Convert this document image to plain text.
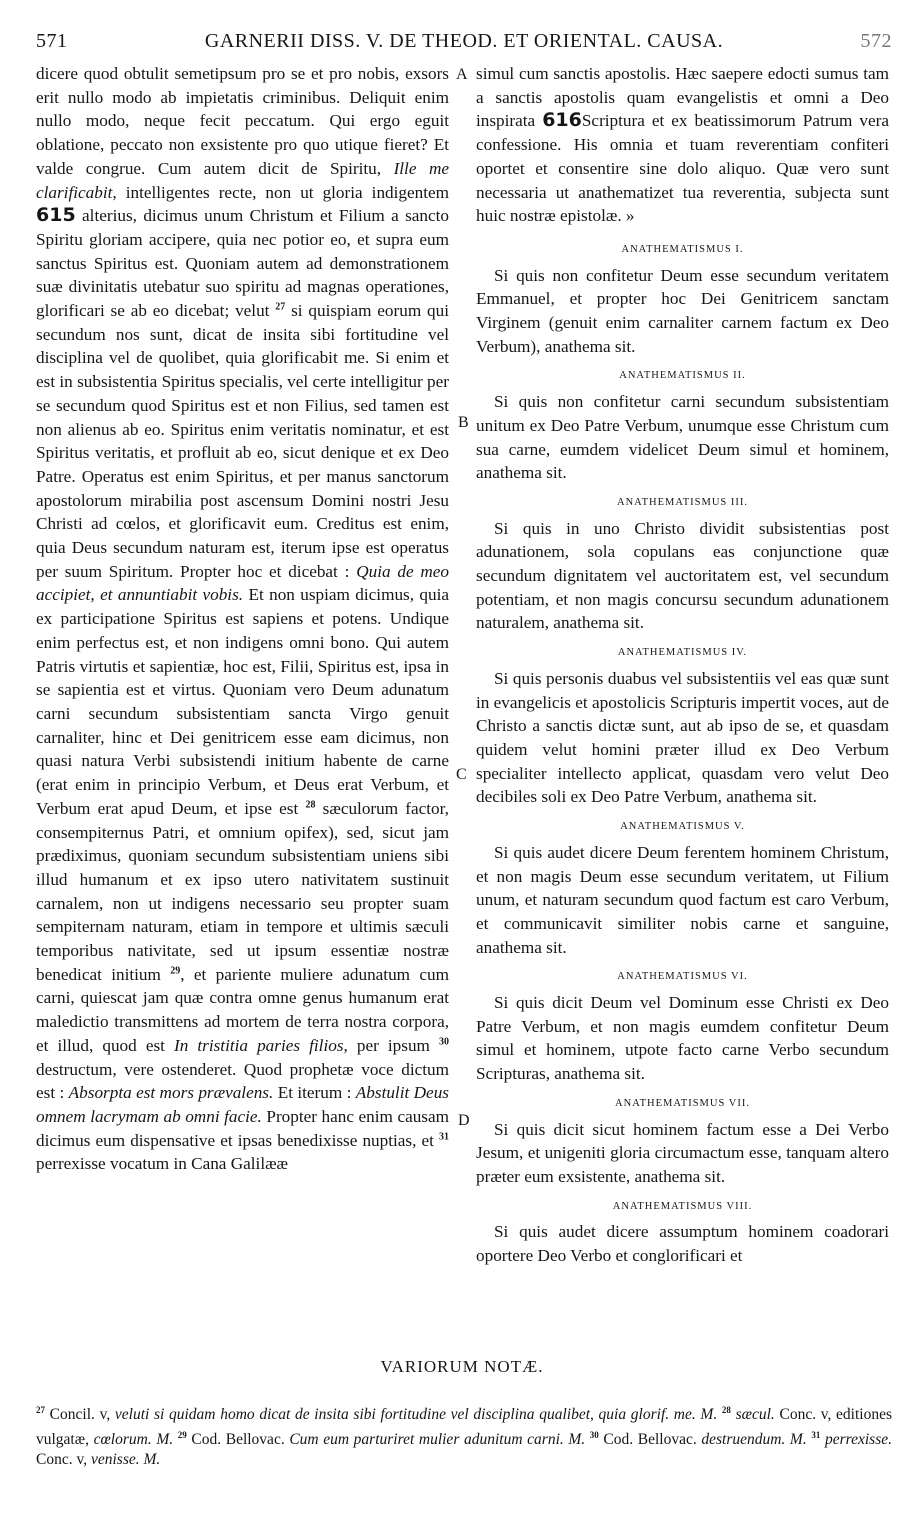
571	GARNERII DISS. V. DE THEOD. ET ORIENTAL. CAUSA.	572

dicere quod obtulit semetipsum pro se et pro nobis, exsors erit nullo modo ab impietatis criminibus. Deliquit enim nullo modo, neque fecit peccatum. Qui ergo eguit oblatione, peccato non exsistente pro quo utique fieret? Et valde congrue. Cum autem dicit de Spiritu, Ille me clarificabit, intelligentes recte, non ut gloria indigentem 615 alterius, dicimus unum Christum et Filium a sancto Spiritu gloriam accipere, quia nec potior eo, et supra eum sanctus Spiritus est. Quoniam autem ad demonstrationem suæ divinitatis utebatur suo spiritu ad magnas operationes, glorificari se ab eo dicebat; velut $^{27}$ si quispiam eorum qui secundum nos sunt, dicat de insita sibi fortitudine vel disciplina vel de quolibet, quia glorificabit me. Si enim et est in subsistentia Spiritus specialis, vel certe intelligitur per se secundum quod Spiritus est et non Filius, sed tamen est non alienus ab eo. Spiritus enim veritatis nominatur, et est Spiritus veritatis, et profluit ab eo, sicut denique et ex Deo Patre. Operatus est enim Spiritus, et per manus sanctorum apostolorum mirabilia post ascensum Domini nostri Jesu Christi ad cœlos, et glorificavit eum. Creditus est enim, quia Deus secundum naturam est, iterum ipse est operatus per suum Spiritum. Propter hoc et dicebat : Quia de meo accipiet, et annuntiabit vobis. Et non uspiam dicimus, quia ex participatione Spiritus est sapiens et potens. Undique enim perfectus est, et non indigens omni bono. Qui autem Patris virtutis et sapientiæ, hoc est, Filii, Spiritus est, ipsa in se sapientia est et virtus. Quoniam vero Deum adunatum carni secundum subsistentiam sancta Virgo genuit carnaliter, hinc et Dei genitricem esse eam dicimus, non quasi natura Verbi subsistendi initium habente de carne (erat enim in principio Verbum, et Deus erat Verbum, et Verbum erat apud Deum, et ipse est $^{28}$ sæculorum factor, consempiternus Patri, et omnium opifex), sed, sicut jam prædiximus, quoniam secundum subsistentiam uniens sibi illud humanum et ex ipso utero nativitatem sustinuit carnalem, non ut indigens necessario seu propter suam sempiternam naturam, etiam in tempore et ultimis sæculi temporibus nativitate, sed ut ipsum essentiæ nostræ benedicat initium $^{29}$, et pariente muliere adunatum cum carni, quiescat jam quæ contra omne genus humanum erat maledictio transmittens ad mortem de terra nostra corpora, et illud, quod est In tristitia paries filios, per ipsum $^{30}$ destructum, vere ostenderet. Quod prophetæ voce dictum est : Absorpta est mors prævalens. Et iterum : Abstulit Deus omnem lacrymam ab omni facie. Propter hanc enim causam dicimus eum dispensative et ipsas benedixisse nuptias, et $^{31}$ perrexisse vocatum in Cana Galilææ

A
B
C
D

simul cum sanctis apostolis. Hæc saepere edocti sumus tam a sanctis apostolis quam evangelistis et omni a Deo inspirata 616Scriptura et ex beatissimorum Patrum vera confessione. His omnia et tuam reverentiam confiteri oportet et consentire sine dolo aliquo. Quæ vero sunt necessaria ut anathematizet tua reverentia, subjecta sunt huic nostræ epistolæ. »

ANATHEMATISMUS I.

Si quis non confitetur Deum esse secundum veritatem Emmanuel, et propter hoc Dei Genitricem sanctam Virginem (genuit enim carnaliter carnem factum ex Deo Verbum), anathema sit.

ANATHEMATISMUS II.

Si quis non confitetur carni secundum subsistentiam unitum ex Deo Patre Verbum, unumque esse Christum cum sua carne, eumdem videlicet Deum simul et hominem, anathema sit.

ANATHEMATISMUS III.

Si quis in uno Christo dividit subsistentias post adunationem, sola copulans eas conjunctione quæ secundum dignitatem vel auctoritatem est, vel secundum potentiam, et non magis concursu secundum adunationem naturalem, anathema sit.

ANATHEMATISMUS IV.

Si quis personis duabus vel subsistentiis vel eas quæ sunt in evangelicis et apostolicis Scripturis impertit voces, aut de Christo a sanctis dictæ sunt, aut ab ipso de se, et quasdam quidem velut homini præter illud ex Deo Verbum specialiter intellecto applicat, quasdam vero velut Deo decibiles soli ex Deo Patre Verbum, anathema sit.

ANATHEMATISMUS V.

Si quis audet dicere Deum ferentem hominem Christum, et non magis Deum esse secundum veritatem, ut Filium unum, et naturam secundum quod factum est caro Verbum, et communicavit similiter nobis carne et sanguine, anathema sit.

ANATHEMATISMUS VI.

Si quis dicit Deum vel Dominum esse Christi ex Deo Patre Verbum, et non magis eumdem confitetur Deum simul et hominem, utpote facto carne Verbo secundum Scripturas, anathema sit.

ANATHEMATISMUS VII.

Si quis dicit sicut hominem factum esse a Dei Verbo Jesum, et unigeniti gloria circumactum esse, tanquam altero præter eum exsistente, anathema sit.

ANATHEMATISMUS VIII.

Si quis audet dicere assumptum hominem coadorari oportere Deo Verbo et conglorificari et

VARIORUM NOTÆ.

$^{27}$ Concil. v, veluti si quidam homo dicat de insita sibi fortitudine vel disciplina qualibet, quia glorif. me. M. $^{28}$ sæcul. Conc. v, editiones vulgatæ, cœlorum. M. $^{29}$ Cod. Bellovac. Cum eum parturiret mulier adunitum carni. M. $^{30}$ Cod. Bellovac. destruendum. M. $^{31}$ perrexisse. Conc. v, venisse. M.
